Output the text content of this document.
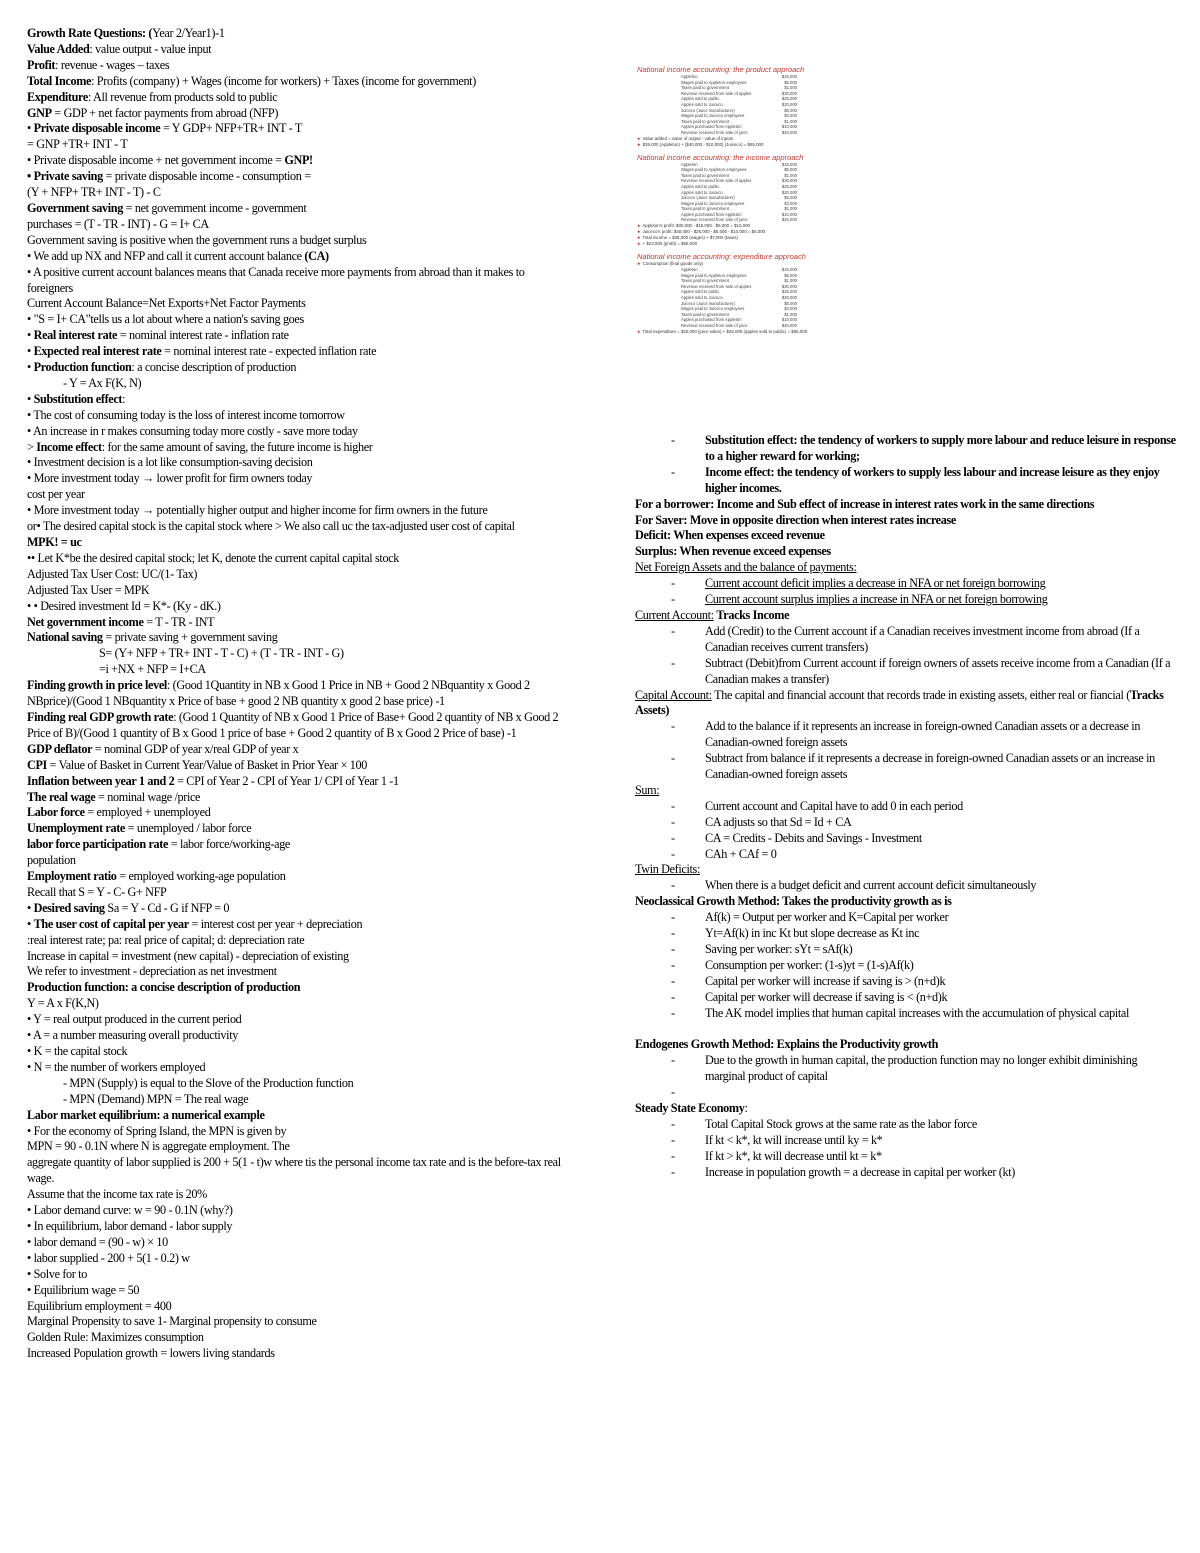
Growth Rate Questions: (Year 2/Year1)-1
Value Added: value output - value input
Profit: revenue - wages – taxes
Total Income: Profits (company) + Wages (income for workers) + Taxes (income for government)
Expenditure: All revenue from products sold to public
GNP = GDP + net factor payments from abroad (NFP)
• Private disposable income = Y GDP+ NFP+TR+ INT - T
= GNP +TR+ INT - T
• Private disposable income + net government income = GNP!
• Private saving = private disposable income - consumption =
(Y + NFP+ TR+ INT - T) - C
Government saving = net government income - government
purchases = (T - TR - INT) - G = I+ CA
Government saving is positive when the government runs a budget surplus
• We add up NX and NFP and call it current account balance (CA)
• A positive current account balances means that Canada receive more payments from abroad than it makes to foreigners
Current Account Balance=Net Exports+Net Factor Payments
• "S = I+ CA"tells us a lot about where a nation's saving goes
• Real interest rate = nominal interest rate - inflation rate
• Expected real interest rate = nominal interest rate - expected inflation rate
• Production function: a concise description of production
- Y = Ax F(K, N)
• Substitution effect:
• The cost of consuming today is the loss of interest income tomorrow
• An increase in r makes consuming today more costly - save more today
> Income effect: for the same amount of saving, the future income is higher
• Investment decision is a lot like consumption-saving decision
• More investment today → lower profit for firm owners today
cost per year
• More investment today → potentially higher output and higher income for firm owners in the future
or• The desired capital stock is the capital stock where > We also call uc the tax-adjusted user cost of capital
MPK! = uc
•• Let K*be the desired capital stock; let K, denote the current capital capital stock
Adjusted Tax User Cost: UC/(1- Tax)
Adjusted Tax User = MPK
• • Desired investment Id = K*- (Ky - dK.)
Net government income = T - TR - INT
National saving = private saving + government saving
S= (Y+ NFP + TR+ INT - T - C) + (T - TR - INT - G)
=i +NX + NFP = I+CA
Finding growth in price level: (Good 1Quantity in NB x Good 1 Price in NB + Good 2 NBquantity x Good 2 NBprice)/(Good 1 NBquantity x Price of base + good 2 NB quantity x good 2 base price) -1
Finding real GDP growth rate: (Good 1 Quantity of NB x Good 1 Price of Base+ Good 2 quantity of NB x Good 2 Price of B)/(Good 1 quantity of B x Good 1 price of base + Good 2 quantity of B x Good 2 Price of base) -1
GDP deflator = nominal GDP of year x/real GDP of year x
CPI = Value of Basket in Current Year/Value of Basket in Prior Year × 100
Inflation between year 1 and 2 = CPI of Year 2 - CPI of Year 1/ CPI of Year 1 -1
The real wage = nominal wage /price
Labor force = employed + unemployed
Unemployment rate = unemployed / labor force
labor force participation rate = labor force/working-age
population
Employment ratio = employed working-age population
Recall that S = Y - C- G+ NFP
• Desired saving Sa = Y - Cd - G if NFP = 0
• The user cost of capital per year = interest cost per year + depreciation
:real interest rate; pa: real price of capital; d: depreciation rate
Increase in capital = investment (new capital) - depreciation of existing
We refer to investment - depreciation as net investment
Production function: a concise description of production
Y = A x F(K,N)
• Y = real output produced in the current period
• A = a number measuring overall productivity
• K = the capital stock
• N = the number of workers employed
- MPN (Supply) is equal to the Slove of the Production function
- MPN (Demand) MPN = The real wage
Labor market equilibrium: a numerical example
• For the economy of Spring Island, the MPN is given by
MPN = 90 - 0.1N where N is aggregate employment. The
aggregate quantity of labor supplied is 200 + 5(1 - t)w where tis the personal income tax rate and is the before-tax real wage.
Assume that the income tax rate is 20%
• Labor demand curve: w = 90 - 0.1N (why?)
• In equilibrium, labor demand - labor supply
• labor demand = (90 - w) × 10
• labor supplied - 200 + 5(1 - 0.2) w
• Solve for to
• Equilibrium wage = 50
Equilibrium employment = 400
Marginal Propensity to save 1- Marginal propensity to consume
Golden Rule: Maximizes consumption
Increased Population growth = lowers living standards
National income accounting: the product approach
Applefoo	$15,000
Wages paid to Appleton employees	$5,000
Taxes paid to government	$1,000
Revenue received from sale of apples	$30,000
Apples sold to public	$25,000
Apples sold to Juiceco	$20,000
Juiceco (Juice manufacturer)	$5,000
Wages paid to Juiceco employees	$3,000
Taxes paid to government	$1,000
Apples purchased from Appleton	$10,000
Revenue received from sale of juice	$40,000
► Value added = value of output - value of inputs
► $35,000 (Appleton) + ($40,000 - $10,000) (Juiceco) = $65,000
National income accounting: the income approach
Appleton	$15,000
Wages paid to Appleton employees	$5,000
Taxes paid to government	$1,000
Revenue received from sale of apples	$30,000
Apples sold to public	$25,000
Apples sold to Juiceco	$20,000
Juiceco (Juice manufacturer)	$5,000
Wages paid to Juiceco employees	$3,000
Taxes paid to government	$1,000
Apples purchased from Appleton	$10,000
Revenue received from sale of juice	$40,000
► Appleton's profit: $30,000 - $15,000 - $5,000 = $10,000
► Juiceco's profit: $40,000 - $25,000 - $5,000 - $10,000 = $5,000
► Total income = $35,000 (wages) + $7,000 (taxes)
► + $23,000 (profit) = $65,000
National income accounting: expenditure approach
► Consumption (final goods only)
Appleton	$15,000
Wages paid to Appleton employees	$5,000
Taxes paid to government	$1,000
Revenue received from sale of apples	$30,000
Apples sold to public	$25,000
Apples sold to Juiceco	$20,000
Juiceco (Juice manufacturer)	$5,000
Wages paid to Juiceco employees	$3,000
Taxes paid to government	$1,000
Apples purchased from Appleton	$10,000
Revenue received from sale of juice	$40,000
► Total expenditure = $40,000 (juice sales) + $25,000 (apples sold to public) = $65,000
-	Substitution effect: the tendency of workers to supply more labour and reduce leisure in response to a higher reward for working;
-	Income effect: the tendency of workers to supply less labour and increase leisure as they enjoy higher incomes.
For a borrower: Income and Sub effect of increase in interest rates work in the same directions
For Saver: Move in opposite direction when interest rates increase
Deficit: When expenses exceed revenue
Surplus: When revenue exceed expenses
Net Foreign Assets and the balance of payments:
-	Current account deficit implies a decrease in NFA or net foreign borrowing
-	Current account surplus implies a increase in NFA or net foreign borrowing
Current Account: Tracks Income
-	Add (Credit) to the Current account if a Canadian receives investment income from abroad (If a Canadian receives current transfers)
-	Subtract (Debit)from Current account if foreign owners of assets receive income from a Canadian (If a Canadian makes a transfer)
Capital Account: The capital and financial account that records trade in existing assets, either real or fiancial (Tracks Assets)
-	Add to the balance if it represents an increase in foreign-owned Canadian assets or a decrease in Canadian-owned foreign assets
-	Subtract from balance if it represents a decrease in foreign-owned Canadian assets or an increase in Canadian-owned foreign assets
Sum:
-	Current account and Capital have to add 0 in each period
-	CA adjusts so that Sd = Id + CA
-	CA = Credits - Debits and Savings - Investment
-	CAh + CAf = 0
Twin Deficits:
-	When there is a budget deficit and current account deficit simultaneously
Neoclassical Growth Method: Takes the productivity growth as is
-	Af(k) = Output per worker and K=Capital per worker
-	Yt=Af(k) in inc Kt but slope decrease as Kt inc
-	Saving per worker: sYt = sAf(k)
-	Consumption per worker: (1-s)yt = (1-s)Af(k)
-	Capital per worker will increase if saving is > (n+d)k
-	Capital per worker will decrease if saving is < (n+d)k
-	The AK model implies that human capital increases with the accumulation of physical capital
Endogenes Growth Method: Explains the Productivity growth
-	Due to the growth in human capital, the production function may no longer exhibit diminishing marginal product of capital
-
Steady State Economy:
-	Total Capital Stock grows at the same rate as the labor force
-	If kt < k*, kt will increase until ky = k*
-	If kt > k*, kt will decrease until kt = k*
-	Increase in population growth = a decrease in capital per worker (kt)
